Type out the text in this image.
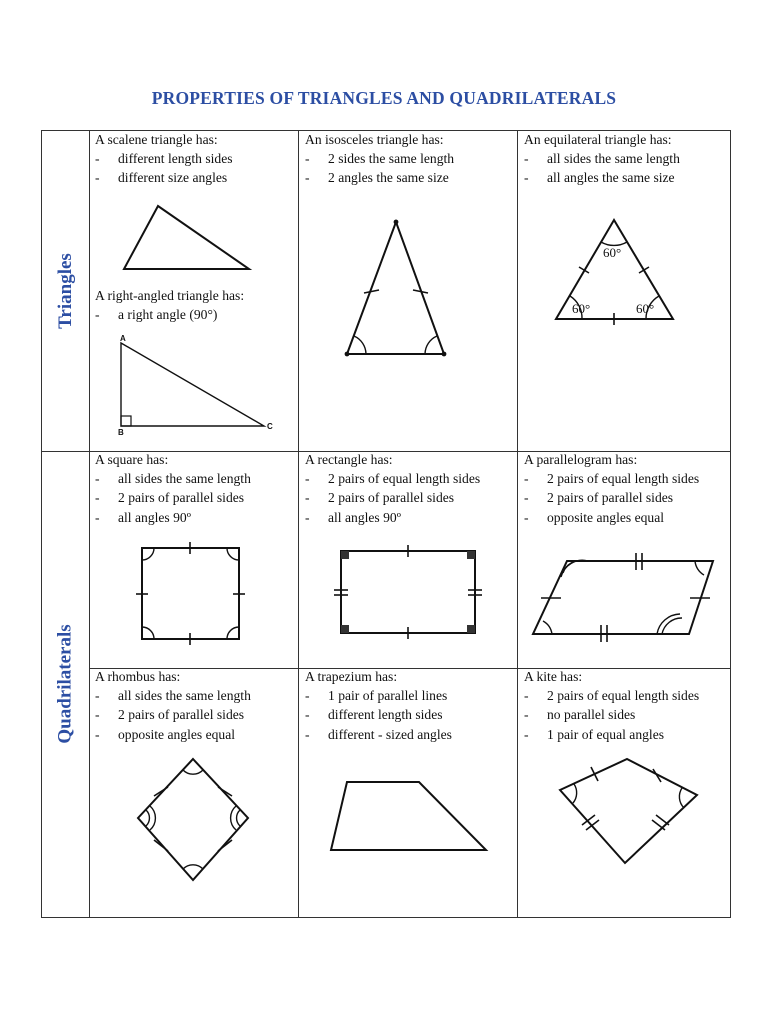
PROPERTIES OF TRIANGLES AND QUADRILATERALS
Triangles
Quadrilaterals
A scalene triangle has:
- different length sides
- different size angles
A right-angled triangle has:
- a right angle (90°)
A
B
C
An isosceles triangle has:
- 2 sides the same length
- 2 angles the same size
An equilateral triangle has:
- all sides the same length
- all angles the same size
60°
60°	60°
A square has:
- all sides the same length
- 2 pairs of parallel sides
- all angles 90º
A rectangle has:
- 2 pairs of equal length sides
- 2 pairs of parallel sides
- all angles 90º
A parallelogram has:
- 2 pairs of equal length sides
- 2 pairs of parallel sides
- opposite angles equal
A rhombus has:
- all sides the same length
- 2 pairs of parallel sides
- opposite angles equal
A trapezium has:
- 1 pair of parallel lines
- different length sides
- different - sized angles
A kite has:
- 2 pairs of equal length sides
- no parallel sides
- 1 pair of equal angles
